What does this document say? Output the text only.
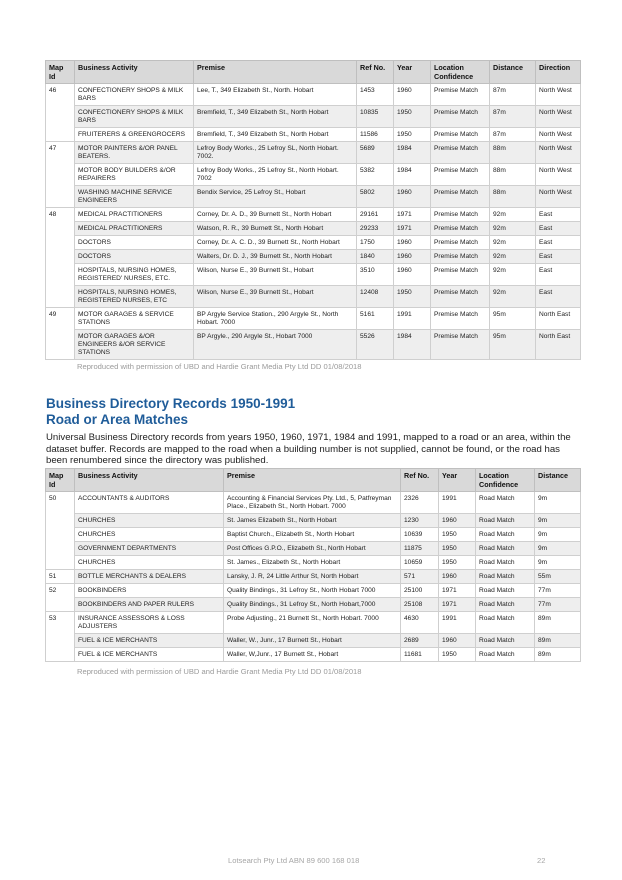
Map Id	Business Activity	Premise	Ref No.	Year	Location Confidence	Distance	Direction
46	CONFECTIONERY SHOPS & MILK BARS	Lee, T., 349 Elizabeth St., North. Hobart	1453	1960	Premise Match	87m	North West
	CONFECTIONERY SHOPS & MILK BARS	Bremfield, T., 349 Elizabeth St., North Hobart	10835	1950	Premise Match	87m	North West
	FRUITERERS & GREENGROCERS	Bremfield, T., 349 Elizabeth St., North Hobart	11586	1950	Premise Match	87m	North West
47	MOTOR PAINTERS &/OR PANEL BEATERS.	Lefroy Body Works., 25 Lefroy SL, North Hobart. 7002.	5689	1984	Premise Match	88m	North West
	MOTOR BODY BUILDERS &/OR REPAIRERS	Lefroy Body Works., 25 Lefroy St., North Hobart. 7002	5382	1984	Premise Match	88m	North West
	WASHING MACHINE SERVICE ENGINEERS	Bendix Service, 25 Lefroy St., Hobart	5802	1960	Premise Match	88m	North West
48	MEDICAL PRACTITIONERS	Corney, Dr. A. D., 39 Burnett St., North Hobart	29161	1971	Premise Match	92m	East
	MEDICAL PRACTITIONERS	Watson, R. R., 39 Burnett St., North Hobart	29233	1971	Premise Match	92m	East
	DOCTORS	Corney, Dr. A. C. D., 39 Burnett St., North Hobart	1750	1960	Premise Match	92m	East
	DOCTORS	Walters, Dr. D. J., 39 Burnett St., North Hobart	1840	1960	Premise Match	92m	East
	HOSPITALS, NURSING HOMES, REGISTERED' NURSES, ETC.	Wilson, Nurse E., 39 Burnett St., Hobart	3510	1960	Premise Match	92m	East
	HOSPITALS, NURSING HOMES, REGISTERED NURSES, ETC	Wilson, Nurse E., 39 Burnett St., Hobart	12408	1950	Premise Match	92m	East
49	MOTOR GARAGES & SERVICE STATIONS	BP Argyle Service Station., 290 Argyle St., North Hobart. 7000	5161	1991	Premise Match	95m	North East
	MOTOR GARAGES &/OR ENGINEERS &/OR SERVICE STATIONS	BP Argyle., 290 Argyle St., Hobart 7000	5526	1984	Premise Match	95m	North East
Reproduced with permission of UBD and Hardie Grant Media Pty Ltd DD 01/08/2018
Business Directory Records 1950-1991
Road or Area Matches

Universal Business Directory records from years 1950, 1960, 1971, 1984 and 1991, mapped to a road or an area, within the dataset buffer. Records are mapped to the road when a building number is not supplied, cannot be found, or the road has been renumbered since the directory was published.

Map Id	Business Activity	Premise	Ref No.	Year	Location Confidence	Distance
50	ACCOUNTANTS & AUDITORS	Accounting & Financial Services Pty. Ltd., 5, Patfreyman Place., Elizabeth St., North Hobart. 7000	2326	1991	Road Match	9m
	CHURCHES	St. James Elizabeth St., North Hobart	1230	1960	Road Match	9m
	CHURCHES	Baptist Church., Elizabeth St., North Hobart	10639	1950	Road Match	9m
	GOVERNMENT DEPARTMENTS	Post Offices G.P.O., Elizabeth St., North Hobart	11875	1950	Road Match	9m
	CHURCHES	St. James., Elizabeth St., North Hobart	10659	1950	Road Match	9m
51	BOTTLE MERCHANTS & DEALERS	Lansky, J. R, 24 Little Arthur St, North Hobart	571	1960	Road Match	55m
52	BOOKBINDERS	Quality Bindings., 31 Lefroy St., North Hobart 7000	25100	1971	Road Match	77m
	BOOKBINDERS AND PAPER RULERS	Quality Bindings., 31 Lefroy St., North Hobart,7000	25108	1971	Road Match	77m
53	INSURANCE ASSESSORS & LOSS ADJUSTERS	Probe Adjusting., 21 Burnett St., North Hobart. 7000	4630	1991	Road Match	89m
	FUEL & ICE MERCHANTS	Waller, W., Junr., 17 Burnett St., Hobart	2689	1960	Road Match	89m
	FUEL & ICE MERCHANTS	Waller, W,Junr., 17 Burnett St., Hobart	11681	1950	Road Match	89m
Reproduced with permission of UBD and Hardie Grant Media Pty Ltd DD 01/08/2018
Lotsearch Pty Ltd ABN 89 600 168 018	22
